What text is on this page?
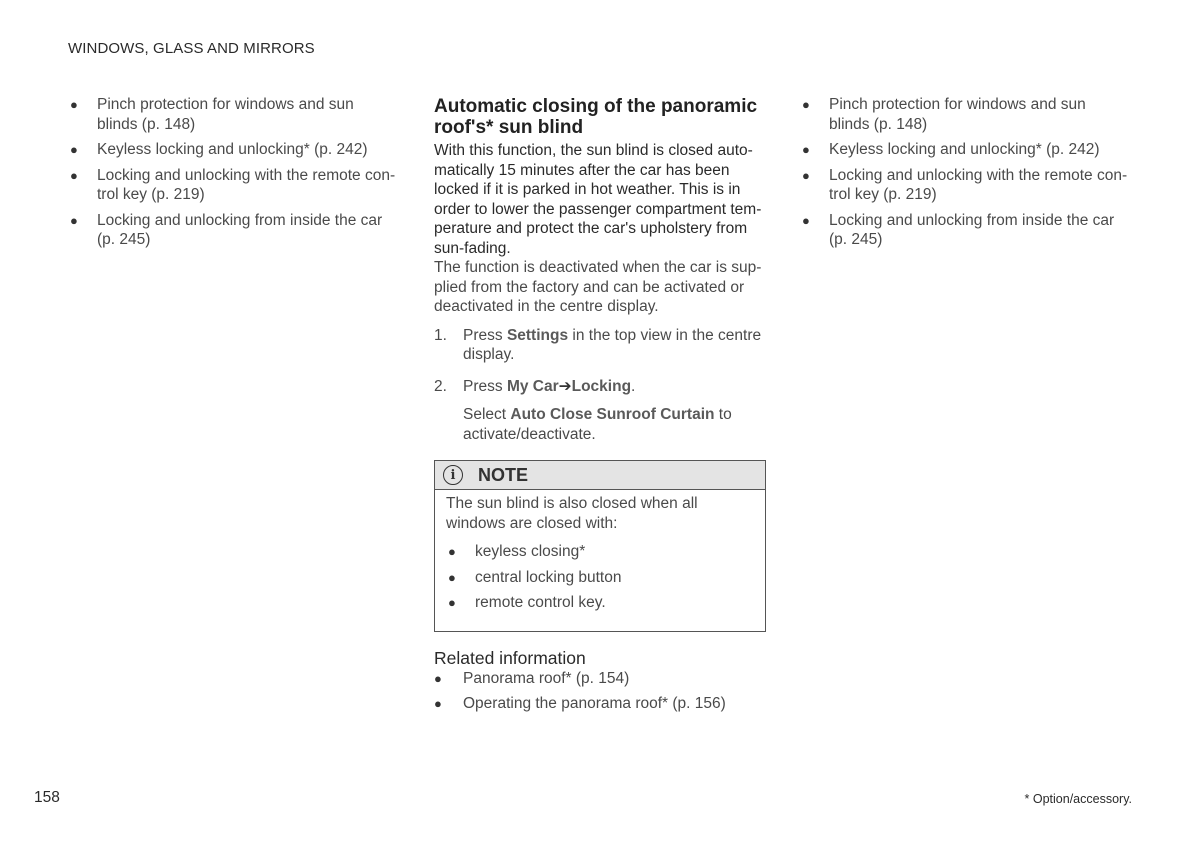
WINDOWS, GLASS AND MIRRORS
● Pinch protection for windows and sun blinds (p. 148)
● Keyless locking and unlocking* (p. 242)
● Locking and unlocking with the remote con-trol key (p. 219)
● Locking and unlocking from inside the car (p. 245)
Automatic closing of the panoramic roof's* sun blind

With this function, the sun blind is closed auto-matically 15 minutes after the car has been locked if it is parked in hot weather. This is in order to lower the passenger compartment tem-perature and protect the car's upholstery from sun-fading.

The function is deactivated when the car is sup-plied from the factory and can be activated or deactivated in the centre display.

1. Press Settings in the top view in the centre display.
2. Press My Car➔Locking.
Select Auto Close Sunroof Curtain to activate/deactivate.
i	NOTE

The sun blind is also closed when all windows are closed with:

● keyless closing*
● central locking button
● remote control key.
Related information
● Panorama roof* (p. 154)
● Operating the panorama roof* (p. 156)
● Pinch protection for windows and sun blinds (p. 148)
● Keyless locking and unlocking* (p. 242)
● Locking and unlocking with the remote con-trol key (p. 219)
● Locking and unlocking from inside the car (p. 245)
158	* Option/accessory.
